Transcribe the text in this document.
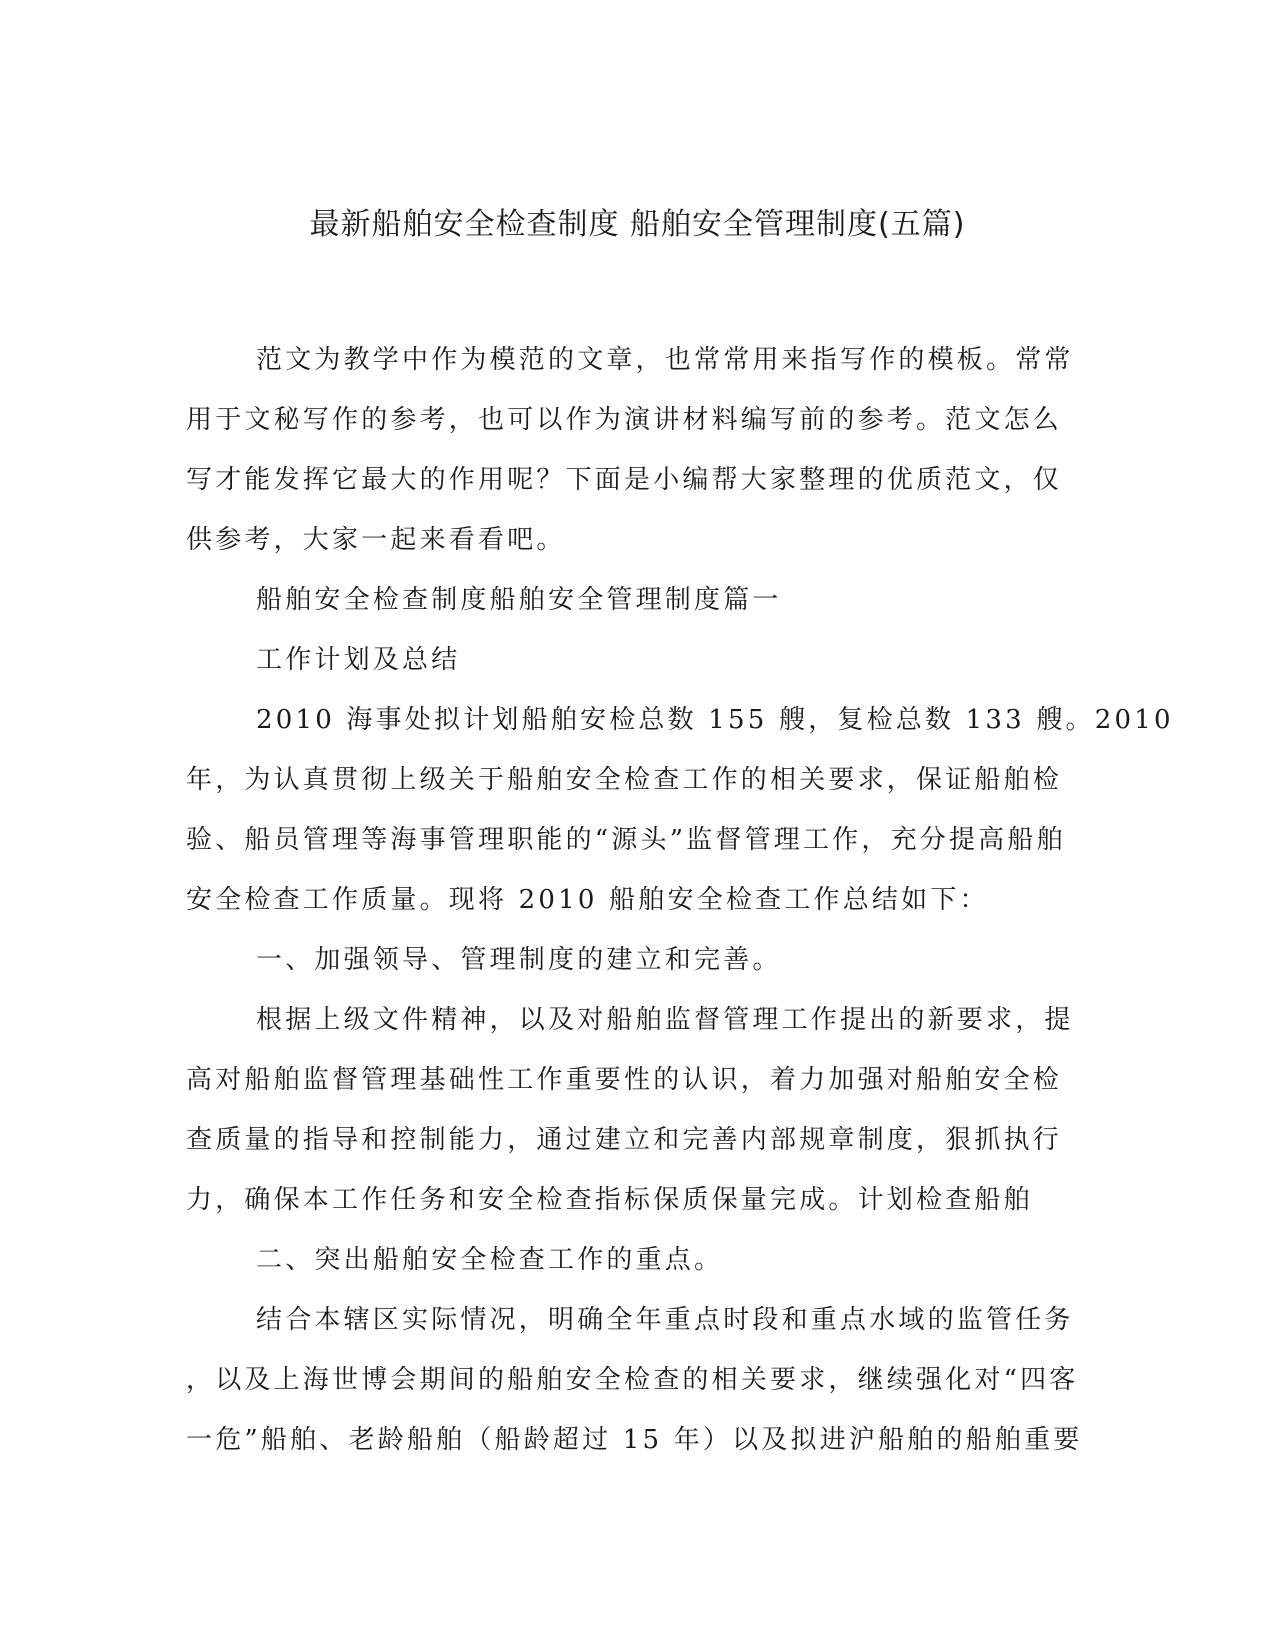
最新船舶安全检查制度 船舶安全管理制度(五篇)
范文为教学中作为模范的文章，也常常用来指写作的模板。常常
用于文秘写作的参考，也可以作为演讲材料编写前的参考。范文怎么
写才能发挥它最大的作用呢？下面是小编帮大家整理的优质范文，仅
供参考，大家一起来看看吧。
船舶安全检查制度船舶安全管理制度篇一
工作计划及总结
2010 海事处拟计划船舶安检总数 155 艘，复检总数 133 艘。2010
年，为认真贯彻上级关于船舶安全检查工作的相关要求，保证船舶检
验、船员管理等海事管理职能的“源头”监督管理工作，充分提高船舶
安全检查工作质量。现将 2010 船舶安全检查工作总结如下：
一、加强领导、管理制度的建立和完善。
根据上级文件精神，以及对船舶监督管理工作提出的新要求，提
高对船舶监督管理基础性工作重要性的认识，着力加强对船舶安全检
查质量的指导和控制能力，通过建立和完善内部规章制度，狠抓执行
力，确保本工作任务和安全检查指标保质保量完成。计划检查船舶
二、突出船舶安全检查工作的重点。
结合本辖区实际情况，明确全年重点时段和重点水域的监管任务
，以及上海世博会期间的船舶安全检查的相关要求，继续强化对“四客
一危”船舶、老龄船舶（船龄超过 15 年）以及拟进沪船舶的船舶重要
